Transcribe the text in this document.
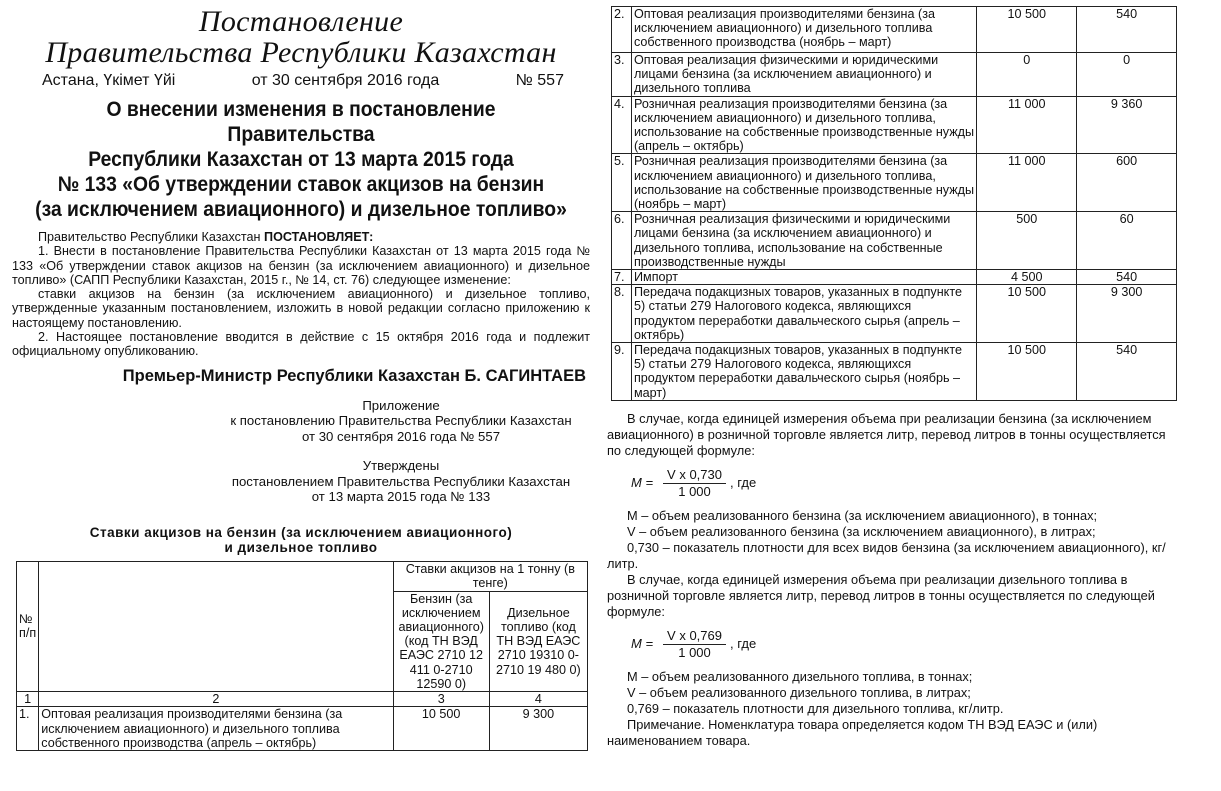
Постановление
Правительства Республики Казахстан
Астана, Үкімет Үйі	от 30 сентября 2016 года	№ 557
О внесении изменения в постановление Правительства
Республики Казахстан от 13 марта 2015 года
№ 133 «Об утверждении ставок акцизов на бензин
(за исключением авиационного) и дизельное топливо»

Правительство Республики Казахстан ПОСТАНОВЛЯЕТ:

1. Внести в постановление Правительства Республики Казахстан от 13 марта 2015 года № 133 «Об утверждении ставок акцизов на бензин (за исключением авиационного) и дизельное топливо» (САПП Республики Казахстан, 2015 г., № 14, ст. 76) следующее изменение:

ставки акцизов на бензин (за исключением авиационного) и дизельное топливо, утвержденные указанным постановлением, изложить в новой редакции согласно приложению к настоящему постановлению.

2. Настоящее постановление вводится в действие с 15 октября 2016 года и подлежит официальному опубликованию.

Премьер-Министр Республики Казахстан Б. САГИНТАЕВ
Приложение
к постановлению Правительства Республики Казахстан
от 30 сентября 2016 года № 557
Утверждены
постановлением Правительства Республики Казахстан
от 13 марта 2015 года № 133
Ставки акцизов на бензин (за исключением авиационного)
и дизельное топливо
№ п/п		Ставки акцизов на 1 тонну (в тенге)	
		Бензин (за исключением авиационного) (код ТН ВЭД ЕАЭС 2710 12 411 0-2710 12590 0)	Дизельное топливо (код ТН ВЭД ЕАЭС 2710 19310 0-2710 19 480 0)
1	2	3	4
1.	Оптовая реализация производителями бензина (за исключением авиационного) и дизельного топлива собственного производства (апрель – октябрь)	10 500	9 300
2.	Оптовая реализация производителями бензина (за исключением авиационного) и дизельного топлива собственного производства (ноябрь – март)	10 500	540
3.	Оптовая реализация физическими и юридическими лицами бензина (за исключением авиационного) и дизельного топлива	0	0
4.	Розничная реализация производителями бензина (за исключением авиационного) и дизельного топлива, использование на собственные производственные нужды (апрель – октябрь)	11 000	9 360
5.	Розничная реализация производителями бензина (за исключением авиационного) и дизельного топлива, использование на собственные производственные нужды (ноябрь – март)	11 000	600
6.	Розничная реализация физическими и юридическими лицами бензина (за исключением авиационного) и дизельного топлива, использование на собственные производственные нужды	500	60
7.	Импорт	4 500	540
8.	Передача подакцизных товаров, указанных в подпункте 5) статьи 279 Налогового кодекса, являющихся продуктом переработки давальческого сырья (апрель – октябрь)	10 500	9 300
9.	Передача подакцизных товаров, указанных в подпункте 5) статьи 279 Налогового кодекса, являющихся продуктом переработки давальческого сырья (ноябрь – март)	10 500	540

В случае, когда единицей измерения объема при реализации бензина (за исключением авиационного) в розничной торговле является литр, перевод литров в тонны осуществляется по следующей формуле:

$M = \frac{\text{V x 0,730}}{1 000}$ , где

М – объем реализованного бензина (за исключением авиационного), в тоннах;

V – объем реализованного бензина (за исключением авиационного), в литрах;

0,730 – показатель плотности для всех видов бензина (за исключением авиационного), кг/литр.

В случае, когда единицей измерения объема при реализации дизельного топлива в розничной торговле является литр, перевод литров в тонны осуществляется по следующей формуле:

$M = \frac{\text{V x 0,769}}{1 000}$ , где

М – объем реализованного дизельного топлива, в тоннах;

V – объем реализованного дизельного топлива, в литрах;

0,769 – показатель плотности для дизельного топлива, кг/литр.

Примечание. Номенклатура товара определяется кодом ТН ВЭД ЕАЭС и (или) наименованием товара.
